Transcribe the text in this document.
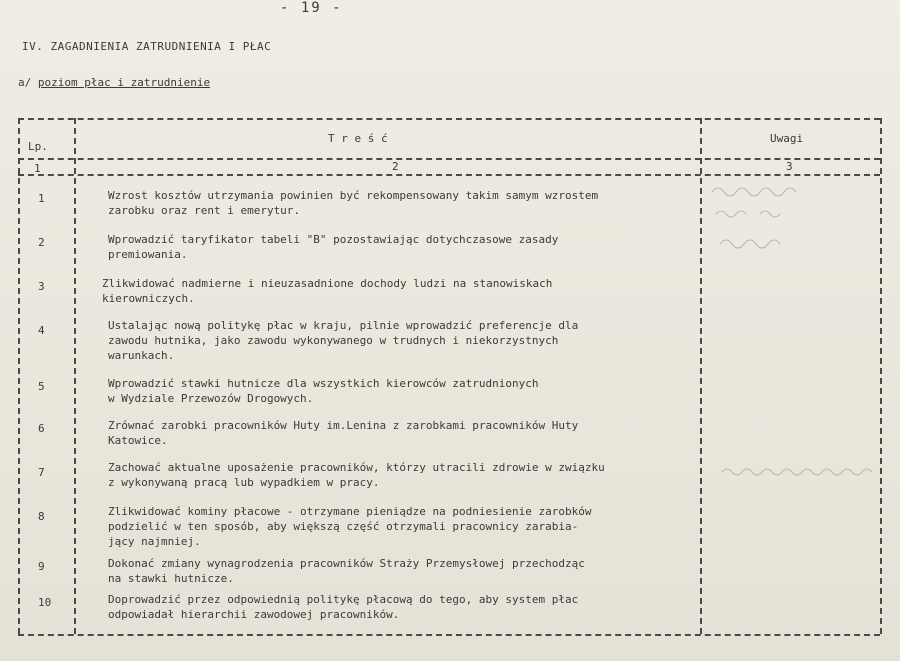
- 19 -
IV. ZAGADNIENIA ZATRUDNIENIA I PŁAC
a/ poziom płac i zatrudnienie
Lp.
T r e ś ć	Uwagi
1	2	3
1	Wzrost kosztów utrzymania powinien być rekompensowany takim samym wzrostem
zarobku oraz rent i emerytur.
2	Wprowadzić taryfikator tabeli "B" pozostawiając dotychczasowe zasady
premiowania.
3	Zlikwidować nadmierne i nieuzasadnione dochody ludzi na stanowiskach
kierowniczych.
4	Ustalając nową politykę płac w kraju, pilnie wprowadzić preferencje dla
zawodu hutnika, jako zawodu wykonywanego w trudnych i niekorzystnych
warunkach.
5	Wprowadzić stawki hutnicze dla wszystkich kierowców zatrudnionych
w Wydziale Przewozów Drogowych.
6	Zrównać zarobki pracowników Huty im.Lenina z zarobkami pracowników Huty
Katowice.
7	Zachować aktualne uposażenie pracowników, którzy utracili zdrowie w związku
z wykonywaną pracą lub wypadkiem w pracy.
8	Zlikwidować kominy płacowe - otrzymane pieniądze na podniesienie zarobków
podzielić w ten sposób, aby większą część otrzymali pracownicy zarabia-
jący najmniej.
9	Dokonać zmiany wynagrodzenia pracowników Straży Przemysłowej przechodząc
na stawki hutnicze.
10	Doprowadzić przez odpowiednią politykę płacową do tego, aby system płac
odpowiadał hierarchii zawodowej pracowników.
